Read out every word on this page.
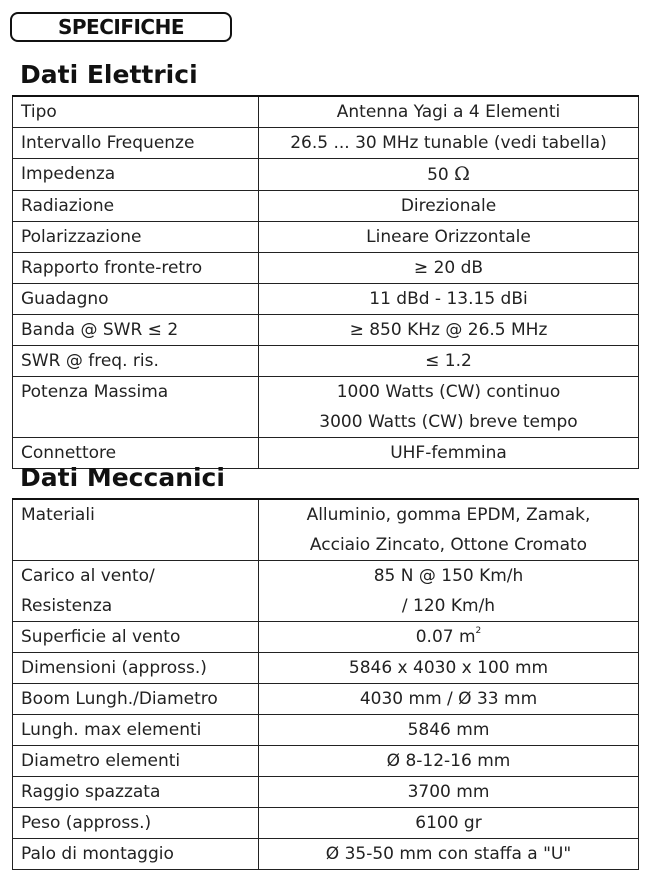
SPECIFICHE
Dati Elettrici
Tipo	Antenna Yagi a 4 Elementi
Intervallo Frequenze	26.5 ... 30 MHz tunable (vedi tabella)
Impedenza	50 Ω
Radiazione	Direzionale
Polarizzazione	Lineare Orizzontale
Rapporto fronte-retro	≥ 20 dB
Guadagno	11 dBd - 13.15 dBi
Banda @ SWR ≤ 2	≥ 850 KHz @ 26.5 MHz
SWR @ freq. ris.	≤ 1.2
Potenza Massima	1000 Watts (CW) continuo
3000 Watts (CW) breve tempo

Connettore	UHF-femmina
Dati Meccanici
Materiali	Alluminio, gomma EPDM, Zamak,
Acciaio Zincato, Ottone Cromato

Carico al vento/
Resistenza	85 N @ 150 Km/h
/ 120 Km/h

Superficie al vento	0.07 $m^2$
Dimensioni (appross.)	5846 x 4030 x 100 mm
Boom Lungh./Diametro	4030 mm / Ø 33 mm
Lungh. max elementi	5846 mm
Diametro elementi	Ø 8-12-16 mm
Raggio spazzata	3700 mm
Peso (appross.)	6100 gr
Palo di montaggio	Ø 35-50 mm con staffa a "U"
